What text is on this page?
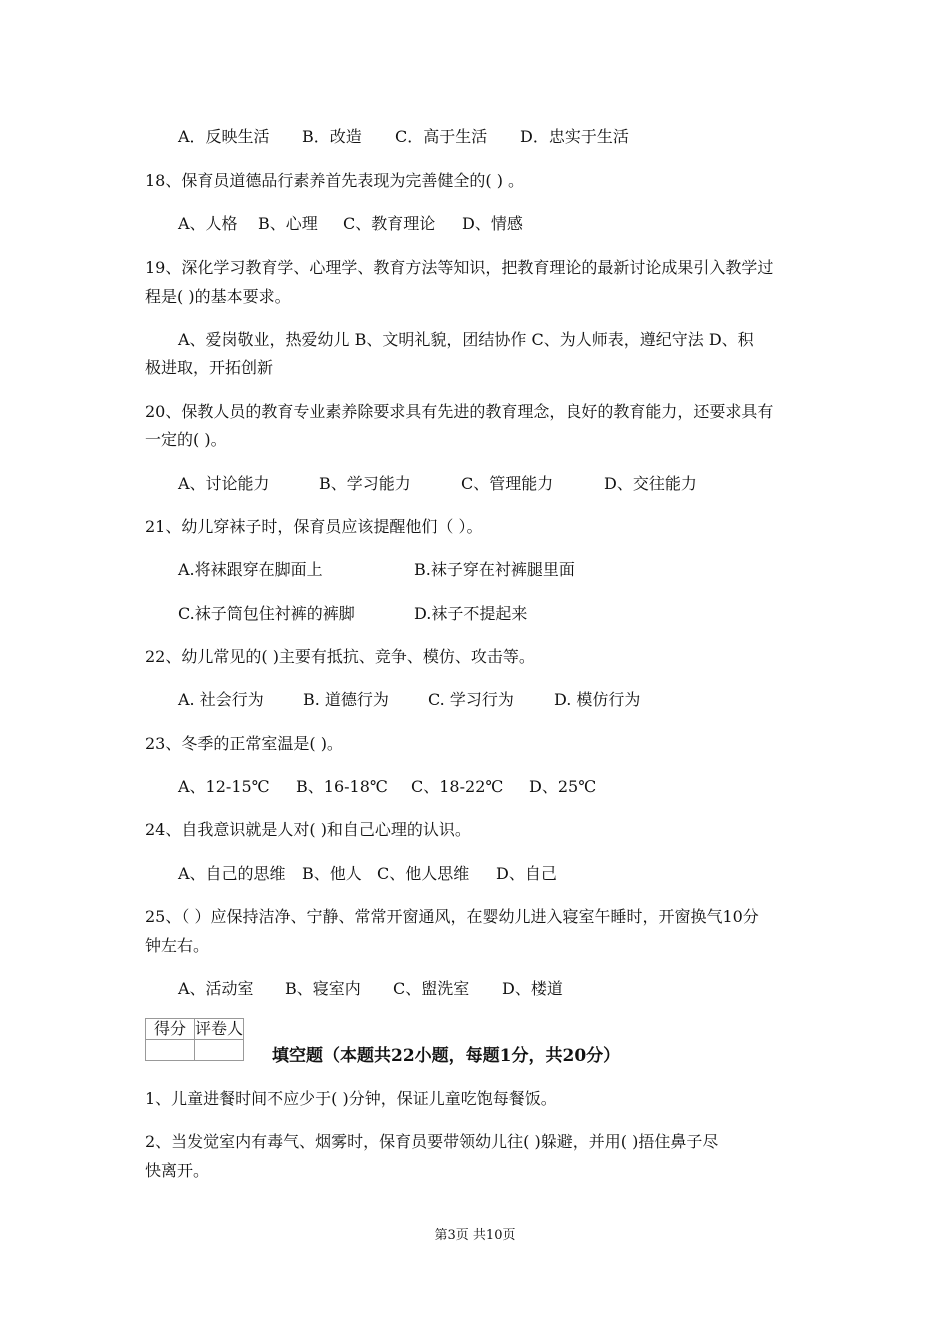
A．反映生活 B．改造 C．高于生活 D．忠实于生活
18、保育员道德品行素养首先表现为完善健全的( ) 。
A、人格 B、心理 C、教育理论 D、情感
19、深化学习教育学、心理学、教育方法等知识，把教育理论的最新讨论成果引入教学过
程是( )的基本要求。
A、爱岗敬业，热爱幼儿 B、文明礼貌，团结协作 C、为人师表，遵纪守法 D、积
极进取，开拓创新
20、保教人员的教育专业素养除要求具有先进的教育理念，良好的教育能力，还要求具有
一定的( )。
A、讨论能力	B、学习能力	C、管理能力	D、交往能力
21、幼儿穿袜子时，保育员应该提醒他们（ ）。
A.将袜跟穿在脚面上	B.袜子穿在衬裤腿里面
C.袜子筒包住衬裤的裤脚	D.袜子不提起来
22、幼儿常见的( )主要有抵抗、竞争、模仿、攻击等。
A. 社会行为 B. 道德行为 C. 学习行为	D. 模仿行为
23、冬季的正常室温是( )。
A、12-15℃ B、16-18℃ C、18-22℃ D、25℃
24、自我意识就是人对( )和自己心理的认识。
A、自己的思维 B、他人 C、他人思维 D、自己
25、（ ）应保持洁净、宁静、常常开窗通风，在婴幼儿进入寝室午睡时，开窗换气10分
钟左右。
A、活动室 B、寝室内 C、盥洗室 D、楼道
得分	评卷人

填空题（本题共22小题，每题1分，共20分）
1、儿童进餐时间不应少于( )分钟，保证儿童吃饱每餐饭。
2、当发觉室内有毒气、烟雾时，保育员要带领幼儿往( )躲避，并用( )捂住鼻子尽
快离开。
第3页 共10页
